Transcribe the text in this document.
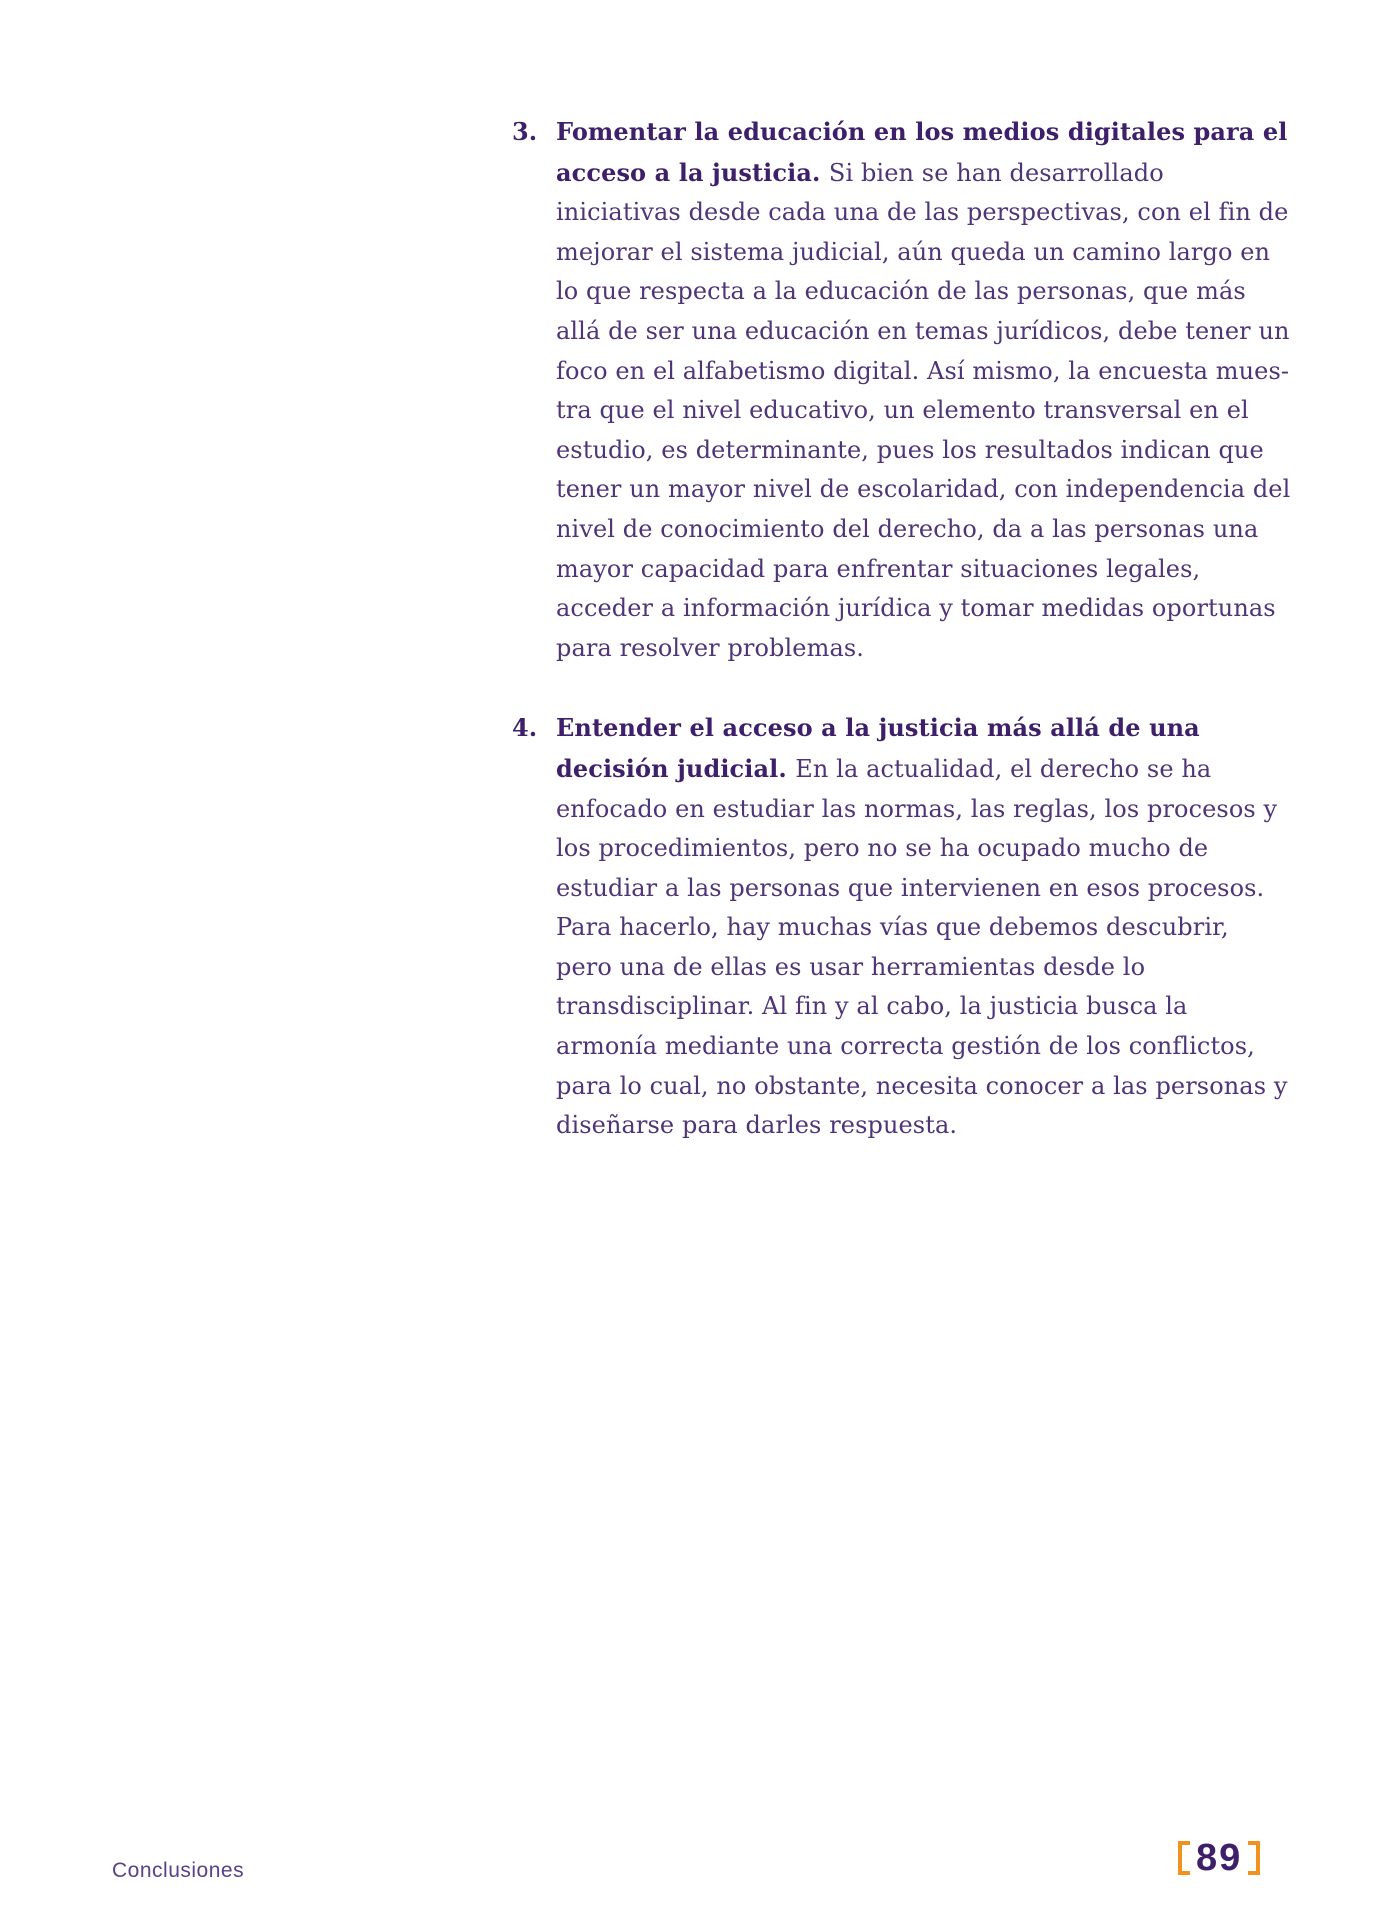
3. Fomentar la educación en los medios digitales para el acceso a la justicia. Si bien se han desarrollado iniciativas desde cada una de las perspectivas, con el fin de mejorar el sistema judicial, aún queda un camino largo en lo que respecta a la educación de las personas, que más allá de ser una educación en temas jurídicos, debe tener un foco en el alfabetismo digital. Así mismo, la encuesta muestra que el nivel educativo, un elemento transversal en el estudio, es determinante, pues los resultados indican que tener un mayor nivel de escolaridad, con independencia del nivel de conocimiento del derecho, da a las personas una mayor capacidad para enfrentar situaciones legales, acceder a información jurídica y tomar medidas oportunas para resolver problemas.
4. Entender el acceso a la justicia más allá de una decisión judicial. En la actualidad, el derecho se ha enfocado en estudiar las normas, las reglas, los procesos y los procedimientos, pero no se ha ocupado mucho de estudiar a las personas que intervienen en esos procesos. Para hacerlo, hay muchas vías que debemos descubrir, pero una de ellas es usar herramientas desde lo transdisciplinar. Al fin y al cabo, la justicia busca la armonía mediante una correcta gestión de los conflictos, para lo cual, no obstante, necesita conocer a las personas y diseñarse para darles respuesta.
Conclusiones	89
